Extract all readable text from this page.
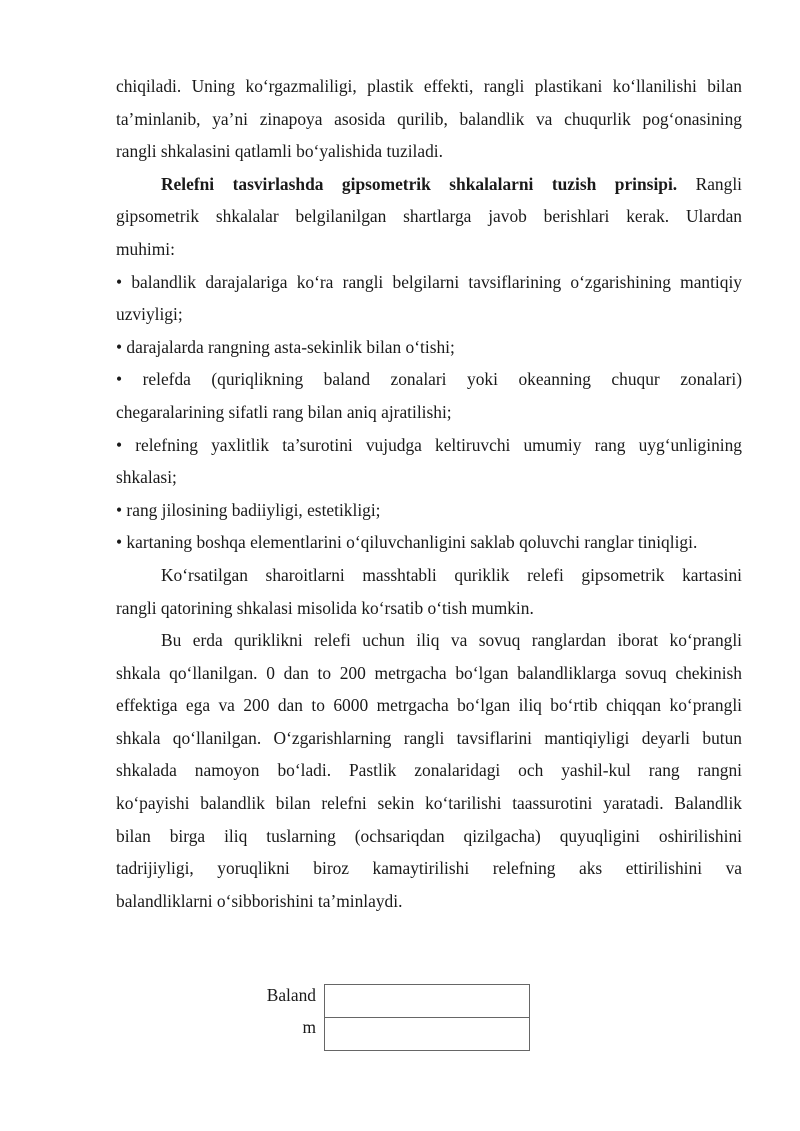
chiqiladi. Uning ko‘rgazmaliligi, plastik effekti, rangli plastikani ko‘llanilishi bilan
ta’minlanib, ya’ni zinapoya asosida qurilib, balandlik va chuqurlik pog‘onasining
rangli shkalasini qatlamli bo‘yalishida tuziladi.
Relefni tasvirlashda gipsometrik shkalalarni tuzish prinsipi. Rangli
gipsometrik shkalalar belgilanilgan shartlarga javob berishlari kerak. Ulardan
muhimi:
• balandlik darajalariga ko‘ra rangli belgilarni tavsiflarining o‘zgarishining mantiqiy
uzviyligi;
• darajalarda rangning asta-sekinlik bilan o‘tishi;
• relefda (quriqlikning baland zonalari yoki okeanning chuqur zonalari)
chegaralarining sifatli rang bilan aniq ajratilishi;
• relefning yaxlitlik ta’surotini vujudga keltiruvchi umumiy rang uyg‘unligining
shkalasi;
• rang jilosining badiiyligi, estetikligi;
• kartaning boshqa elementlarini o‘qiluvchanligini saklab qoluvchi ranglar tiniqligi.
Ko‘rsatilgan sharoitlarni masshtabli quriklik relefi gipsometrik kartasini
rangli qatorining shkalasi misolida ko‘rsatib o‘tish mumkin.
Bu erda quriklikni relefi uchun iliq va sovuq ranglardan iborat ko‘prangli
shkala qo‘llanilgan. 0 dan to 200 metrgacha bo‘lgan balandliklarga sovuq chekinish
effektiga ega va 200 dan to 6000 metrgacha bo‘lgan iliq bo‘rtib chiqqan ko‘prangli
shkala qo‘llanilgan. O‘zgarishlarning rangli tavsiflarini mantiqiyligi deyarli butun
shkalada namoyon bo‘ladi. Pastlik zonalaridagi och yashil-kul rang rangni
ko‘payishi balandlik bilan relefni sekin ko‘tarilishi taassurotini yaratadi. Balandlik
bilan birga iliq tuslarning (ochsariqdan qizilgacha) quyuqligini oshirilishini
tadrijiyligi, yoruqlikni biroz kamaytirilishi relefning aks ettirilishini va
balandliklarni o‘sibborishini ta’minlaydi.
Baland
m
